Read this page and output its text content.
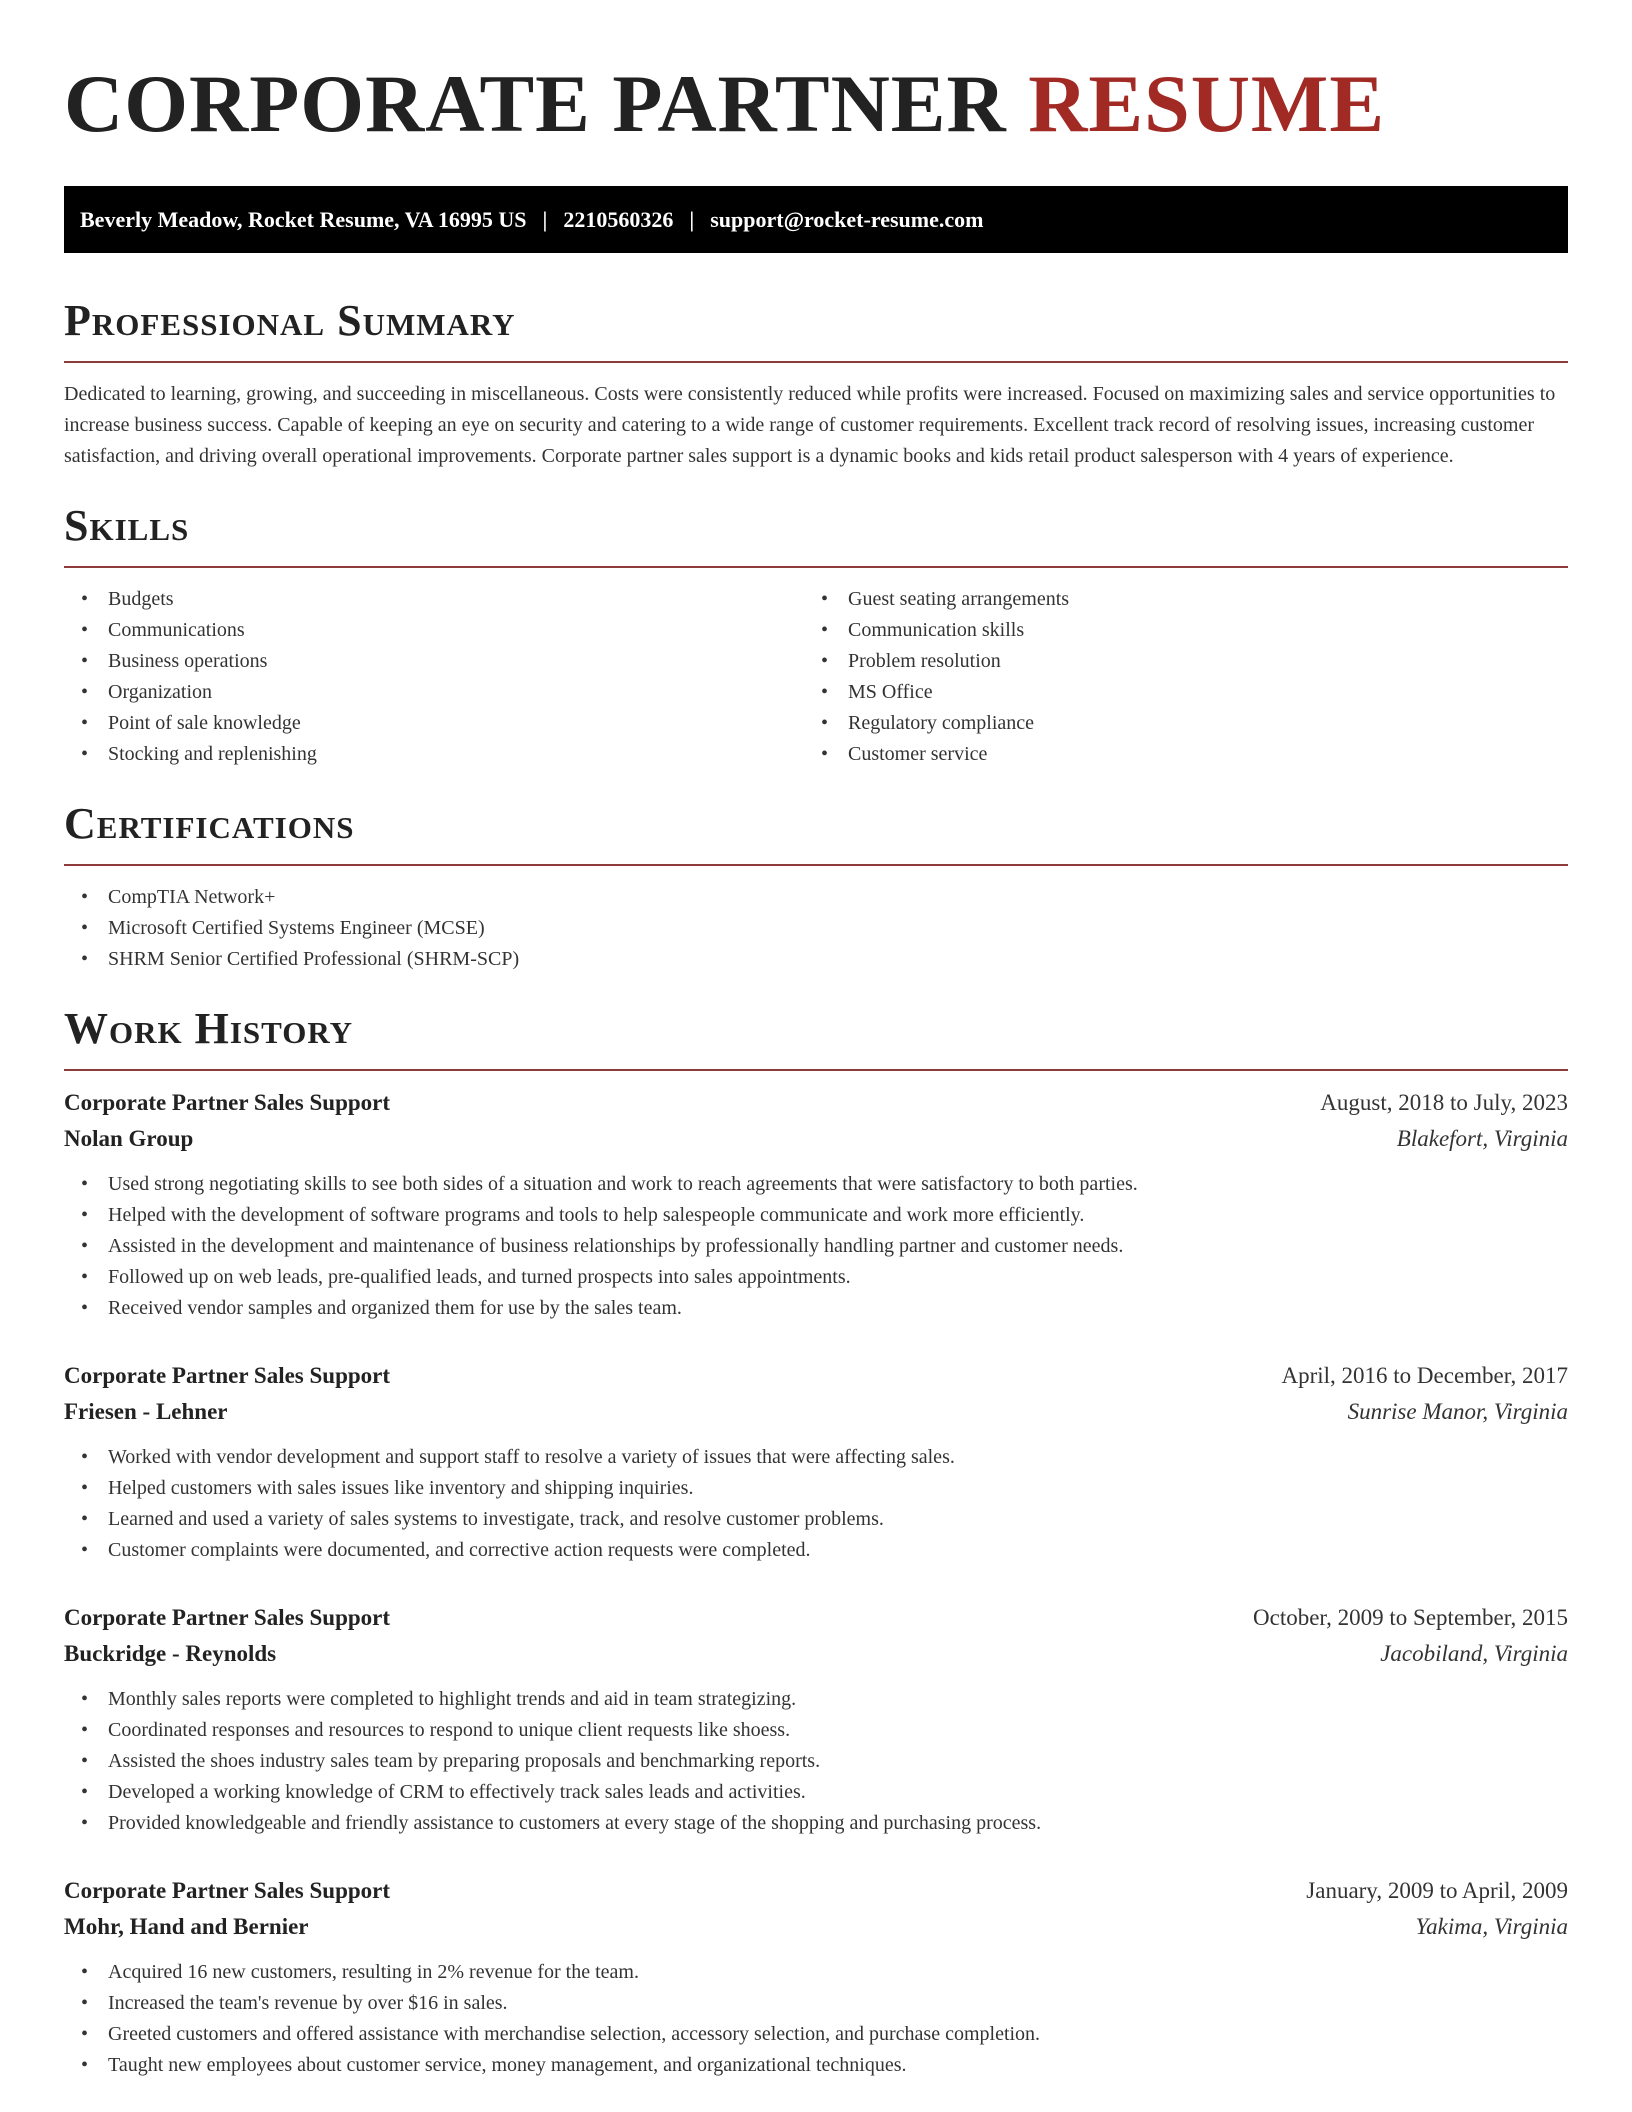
CORPORATE PARTNER RESUME
Beverly Meadow, Rocket Resume, VA 16995 US | 2210560326 | support@rocket-resume.com
Professional Summary

Dedicated to learning, growing, and succeeding in miscellaneous. Costs were consistently reduced while profits were increased. Focused on maximizing sales and service opportunities to increase business success. Capable of keeping an eye on security and catering to a wide range of customer requirements. Excellent track record of resolving issues, increasing customer satisfaction, and driving overall operational improvements. Corporate partner sales support is a dynamic books and kids retail product salesperson with 4 years of experience.

Skills
• Budgets
• Communications
• Business operations
• Organization
• Point of sale knowledge
• Stocking and replenishing
• Guest seating arrangements
• Communication skills
• Problem resolution
• MS Office
• Regulatory compliance
• Customer service
Certifications
• CompTIA Network+
• Microsoft Certified Systems Engineer (MCSE)
• SHRM Senior Certified Professional (SHRM-SCP)
Work History
Corporate Partner Sales Support	August, 2018 to July, 2023
Nolan Group	Blakefort, Virginia
• Used strong negotiating skills to see both sides of a situation and work to reach agreements that were satisfactory to both parties.
• Helped with the development of software programs and tools to help salespeople communicate and work more efficiently.
• Assisted in the development and maintenance of business relationships by professionally handling partner and customer needs.
• Followed up on web leads, pre-qualified leads, and turned prospects into sales appointments.
• Received vendor samples and organized them for use by the sales team.
Corporate Partner Sales Support	April, 2016 to December, 2017
Friesen - Lehner	Sunrise Manor, Virginia
• Worked with vendor development and support staff to resolve a variety of issues that were affecting sales.
• Helped customers with sales issues like inventory and shipping inquiries.
• Learned and used a variety of sales systems to investigate, track, and resolve customer problems.
• Customer complaints were documented, and corrective action requests were completed.
Corporate Partner Sales Support	October, 2009 to September, 2015
Buckridge - Reynolds	Jacobiland, Virginia
• Monthly sales reports were completed to highlight trends and aid in team strategizing.
• Coordinated responses and resources to respond to unique client requests like shoess.
• Assisted the shoes industry sales team by preparing proposals and benchmarking reports.
• Developed a working knowledge of CRM to effectively track sales leads and activities.
• Provided knowledgeable and friendly assistance to customers at every stage of the shopping and purchasing process.
Corporate Partner Sales Support	January, 2009 to April, 2009
Mohr, Hand and Bernier	Yakima, Virginia
• Acquired 16 new customers, resulting in 2% revenue for the team.
• Increased the team's revenue by over $16 in sales.
• Greeted customers and offered assistance with merchandise selection, accessory selection, and purchase completion.
• Taught new employees about customer service, money management, and organizational techniques.
